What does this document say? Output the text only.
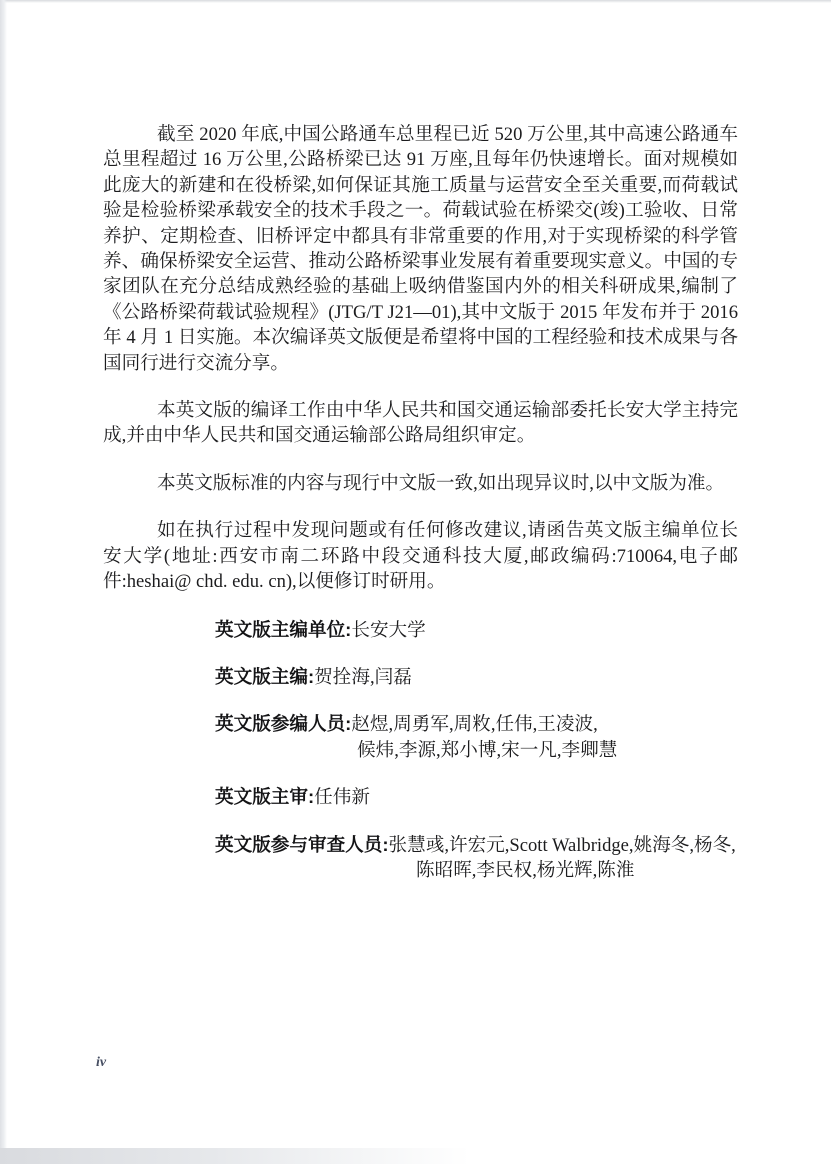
截至 2020 年底,中国公路通车总里程已近 520 万公里,其中高速公路通车总里程超过 16 万公里,公路桥梁已达 91 万座,且每年仍快速增长。面对规模如此庞大的新建和在役桥梁,如何保证其施工质量与运营安全至关重要,而荷载试验是检验桥梁承载安全的技术手段之一。荷载试验在桥梁交(竣)工验收、日常养护、定期检查、旧桥评定中都具有非常重要的作用,对于实现桥梁的科学管养、确保桥梁安全运营、推动公路桥梁事业发展有着重要现实意义。中国的专家团队在充分总结成熟经验的基础上吸纳借鉴国内外的相关科研成果,编制了《公路桥梁荷载试验规程》(JTG/T J21—01),其中文版于 2015 年发布并于 2016 年 4 月 1 日实施。本次编译英文版便是希望将中国的工程经验和技术成果与各国同行进行交流分享。

本英文版的编译工作由中华人民共和国交通运输部委托长安大学主持完成,并由中华人民共和国交通运输部公路局组织审定。

本英文版标准的内容与现行中文版一致,如出现异议时,以中文版为准。

如在执行过程中发现问题或有任何修改建议,请函告英文版主编单位长安大学(地址:西安市南二环路中段交通科技大厦,邮政编码:710064,电子邮件:heshai@ chd. edu. cn),以便修订时研用。

英文版主编单位:长安大学
英文版主编:贺拴海,闫磊
英文版参编人员:赵煜,周勇军,周敉,任伟,王凌波,
候炜,李源,郑小博,宋一凡,李卿慧
英文版主审:任伟新
英文版参与审查人员:张慧彧,许宏元,Scott Walbridge,姚海冬,杨冬,
陈昭晖,李民权,杨光辉,陈淮
iv
